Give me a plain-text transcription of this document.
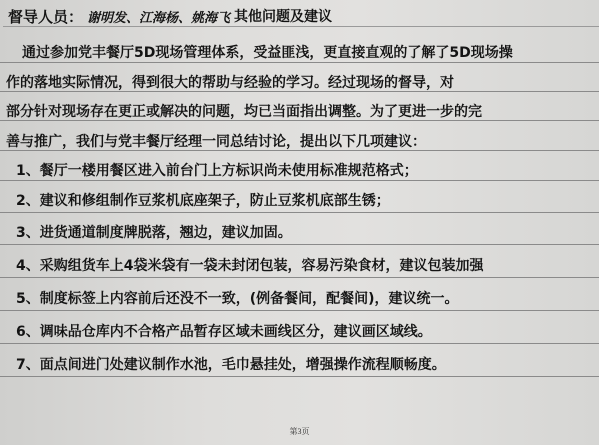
督导人员： 谢明发、江海杨、姚海飞 其他问题及建议
通过参加党丰餐厅5D现场管理体系，受益匪浅，更直接直观的了解了5D现场操
作的落地实际情况，得到很大的帮助与经验的学习。经过现场的督导，对
部分针对现场存在更正或解决的问题，均已当面指出调整。为了更进一步的完
善与推广，我们与党丰餐厅经理一同总结讨论，提出以下几项建议：
1、餐厅一楼用餐区进入前台门上方标识尚未使用标准规范格式；
2、建议和修组制作豆浆机底座架子，防止豆浆机底部生锈；
3、进货通道制度牌脱落，翘边，建议加固。
4、采购组货车上4袋米袋有一袋未封闭包装，容易污染食材，建议包装加强
5、制度标签上内容前后还没不一致，(例备餐间，配餐间)，建议统一。
6、调味品仓库内不合格产品暂存区域未画线区分，建议画区域线。
7、面点间进门处建议制作水池，毛巾悬挂处，增强操作流程顺畅度。
第3页
